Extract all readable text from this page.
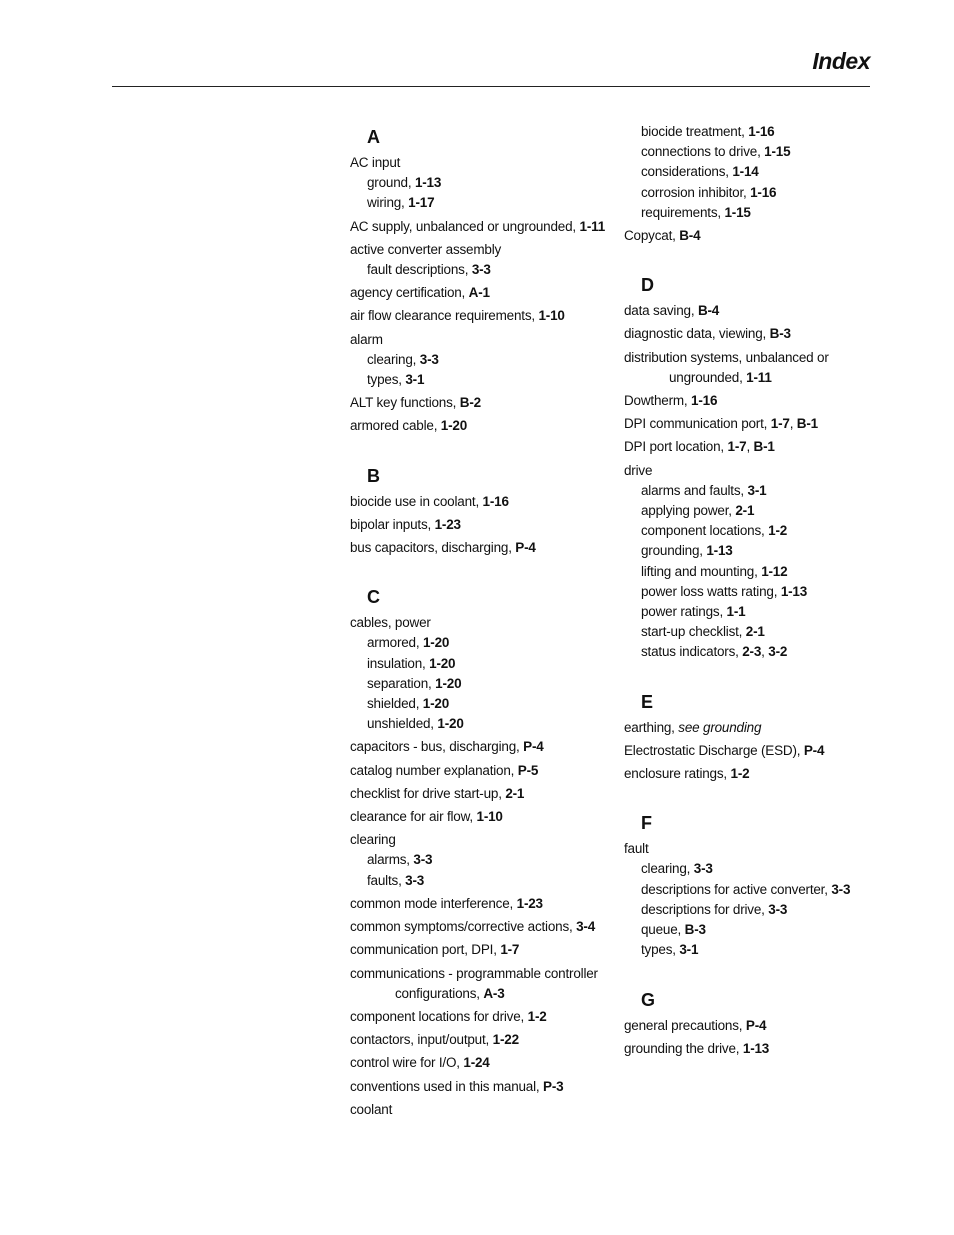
Index
A
AC input
ground, 1-13
wiring, 1-17
AC supply, unbalanced or ungrounded, 1-11
active converter assembly
fault descriptions, 3-3
agency certification, A-1
air flow clearance requirements, 1-10
alarm
clearing, 3-3
types, 3-1
ALT key functions, B-2
armored cable, 1-20
B
biocide use in coolant, 1-16
bipolar inputs, 1-23
bus capacitors, discharging, P-4
C
cables, power
armored, 1-20
insulation, 1-20
separation, 1-20
shielded, 1-20
unshielded, 1-20
capacitors - bus, discharging, P-4
catalog number explanation, P-5
checklist for drive start-up, 2-1
clearance for air flow, 1-10
clearing
alarms, 3-3
faults, 3-3
common mode interference, 1-23
common symptoms/corrective actions, 3-4
communication port, DPI, 1-7
communications - programmable controller
configurations, A-3
component locations for drive, 1-2
contactors, input/output, 1-22
control wire for I/O, 1-24
conventions used in this manual, P-3
coolant
biocide treatment, 1-16
connections to drive, 1-15
considerations, 1-14
corrosion inhibitor, 1-16
requirements, 1-15
Copycat, B-4
D
data saving, B-4
diagnostic data, viewing, B-3
distribution systems, unbalanced or
ungrounded, 1-11
Dowtherm, 1-16
DPI communication port, 1-7, B-1
DPI port location, 1-7, B-1
drive
alarms and faults, 3-1
applying power, 2-1
component locations, 1-2
grounding, 1-13
lifting and mounting, 1-12
power loss watts rating, 1-13
power ratings, 1-1
start-up checklist, 2-1
status indicators, 2-3, 3-2
E
earthing, see grounding
Electrostatic Discharge (ESD), P-4
enclosure ratings, 1-2
F
fault
clearing, 3-3
descriptions for active converter, 3-3
descriptions for drive, 3-3
queue, B-3
types, 3-1
G
general precautions, P-4
grounding the drive, 1-13
